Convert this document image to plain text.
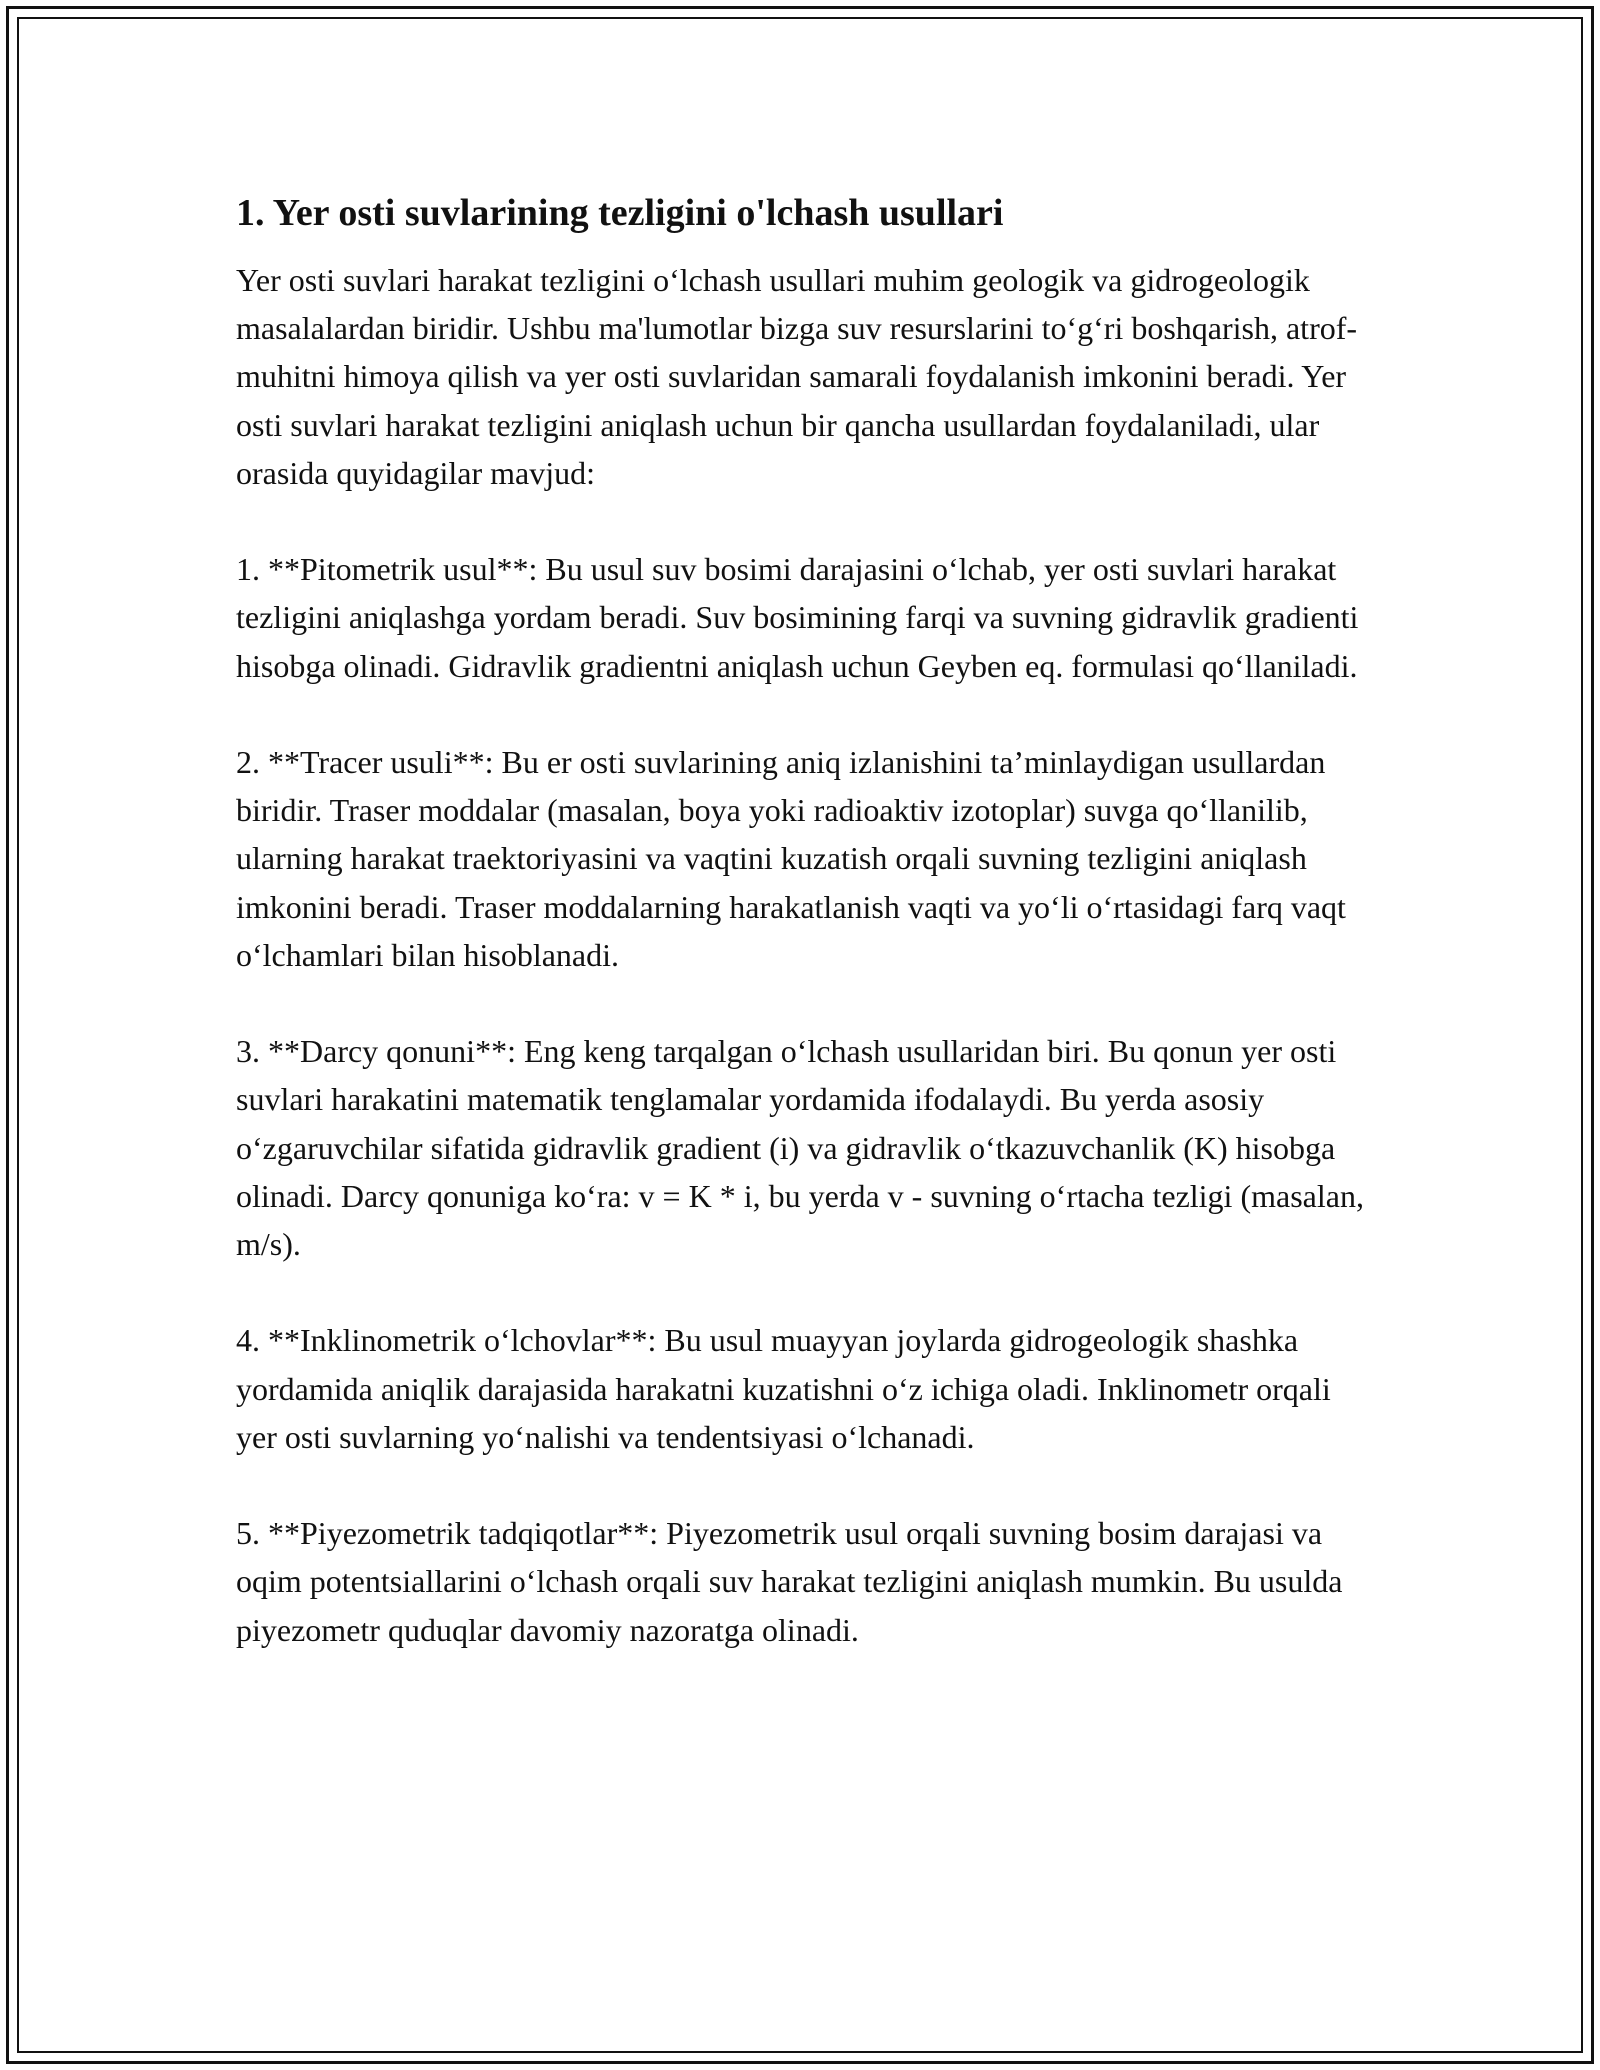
1. Yer osti suvlarining tezligini o'lchash usullari

Yer osti suvlari harakat tezligini o‘lchash usullari muhim geologik va gidrogeologik masalalardan biridir. Ushbu ma'lumotlar bizga suv resurslarini to‘g‘ri boshqarish, atrof-muhitni himoya qilish va yer osti suvlaridan samarali foydalanish imkonini beradi. Yer osti suvlari harakat tezligini aniqlash uchun bir qancha usullardan foydalaniladi, ular orasida quyidagilar mavjud:

1. **Pitometrik usul**: Bu usul suv bosimi darajasini o‘lchab, yer osti suvlari harakat tezligini aniqlashga yordam beradi. Suv bosimining farqi va suvning gidravlik gradienti hisobga olinadi. Gidravlik gradientni aniqlash uchun Geyben eq. formulasi qo‘llaniladi.

2. **Tracer usuli**: Bu er osti suvlarining aniq izlanishini ta’minlaydigan usullardan biridir. Traser moddalar (masalan, boya yoki radioaktiv izotoplar) suvga qo‘llanilib, ularning harakat traektoriyasini va vaqtini kuzatish orqali suvning tezligini aniqlash imkonini beradi. Traser moddalarning harakatlanish vaqti va yo‘li o‘rtasidagi farq vaqt o‘lchamlari bilan hisoblanadi.

3. **Darcy qonuni**: Eng keng tarqalgan o‘lchash usullaridan biri. Bu qonun yer osti suvlari harakatini matematik tenglamalar yordamida ifodalaydi. Bu yerda asosiy o‘zgaruvchilar sifatida gidravlik gradient (i) va gidravlik o‘tkazuvchanlik (K) hisobga olinadi. Darcy qonuniga ko‘ra: v = K * i, bu yerda v - suvning o‘rtacha tezligi (masalan, m/s).

4. **Inklinometrik o‘lchovlar**: Bu usul muayyan joylarda gidrogeologik shashka yordamida aniqlik darajasida harakatni kuzatishni o‘z ichiga oladi. Inklinometr orqali yer osti suvlarning yo‘nalishi va tendentsiyasi o‘lchanadi.

5. **Piyezometrik tadqiqotlar**: Piyezometrik usul orqali suvning bosim darajasi va oqim potentsiallarini o‘lchash orqali suv harakat tezligini aniqlash mumkin. Bu usulda piyezometr quduqlar davomiy nazoratga olinadi.
